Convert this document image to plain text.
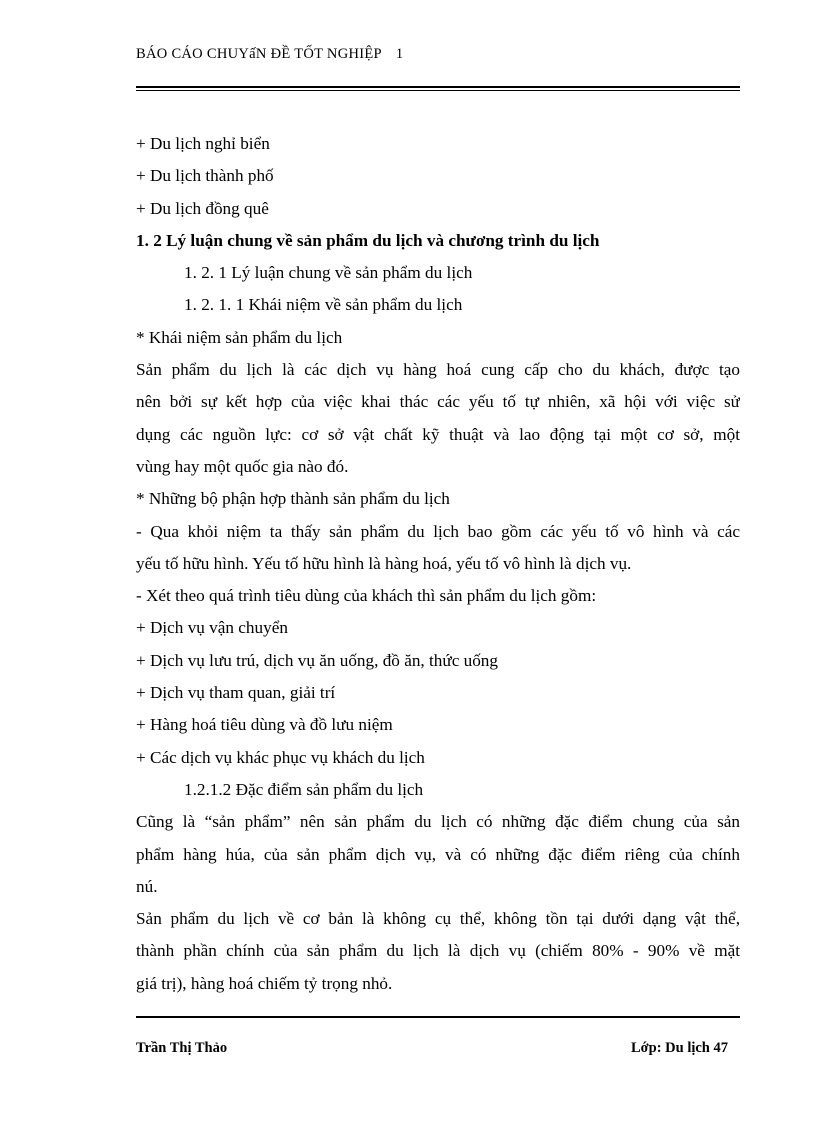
BÁO CÁO CHUYấN ĐỀ TỐT NGHIỆP 1
+ Du lịch nghỉ biển
+ Du lịch thành phố
+ Du lịch đồng quê
1. 2 Lý luận chung về sản phẩm du lịch và chương trình du lịch
1. 2. 1 Lý luận chung về sản phẩm du lịch
1. 2. 1. 1 Khái niệm về sản phẩm du lịch
* Khái niệm sản phẩm du lịch
Sản phẩm du lịch là các dịch vụ hàng hoá cung cấp cho du khách, được tạo
nên bởi sự kết hợp của việc khai thác các yếu tố tự nhiên, xã hội với việc sử
dụng các nguồn lực: cơ sở vật chất kỹ thuật và lao động tại một cơ sở, một
vùng hay một quốc gia nào đó.
* Những bộ phận hợp thành sản phẩm du lịch
- Qua khỏi niệm ta thấy sản phẩm du lịch bao gồm các yếu tố vô hình và các
yếu tố hữu hình. Yếu tố hữu hình là hàng hoá, yếu tố vô hình là dịch vụ.
- Xét theo quá trình tiêu dùng của khách thì sản phẩm du lịch gồm:
+ Dịch vụ vận chuyển
+ Dịch vụ lưu trú, dịch vụ ăn uống, đồ ăn, thức uống
+ Dịch vụ tham quan, giải trí
+ Hàng hoá tiêu dùng và đồ lưu niệm
+ Các dịch vụ khác phục vụ khách du lịch
1.2.1.2 Đặc điểm sản phẩm du lịch
Cũng là “sản phẩm” nên sản phẩm du lịch có những đặc điểm chung của sản
phẩm hàng húa, của sản phẩm dịch vụ, và có những đặc điểm riêng của chính
nú.
Sản phẩm du lịch về cơ bản là không cụ thể, không tồn tại dưới dạng vật thể,
thành phần chính của sản phẩm du lịch là dịch vụ (chiếm 80% - 90% về mặt
giá trị), hàng hoá chiếm tỷ trọng nhỏ.
Trần Thị Thảo	Lớp: Du lịch 47
